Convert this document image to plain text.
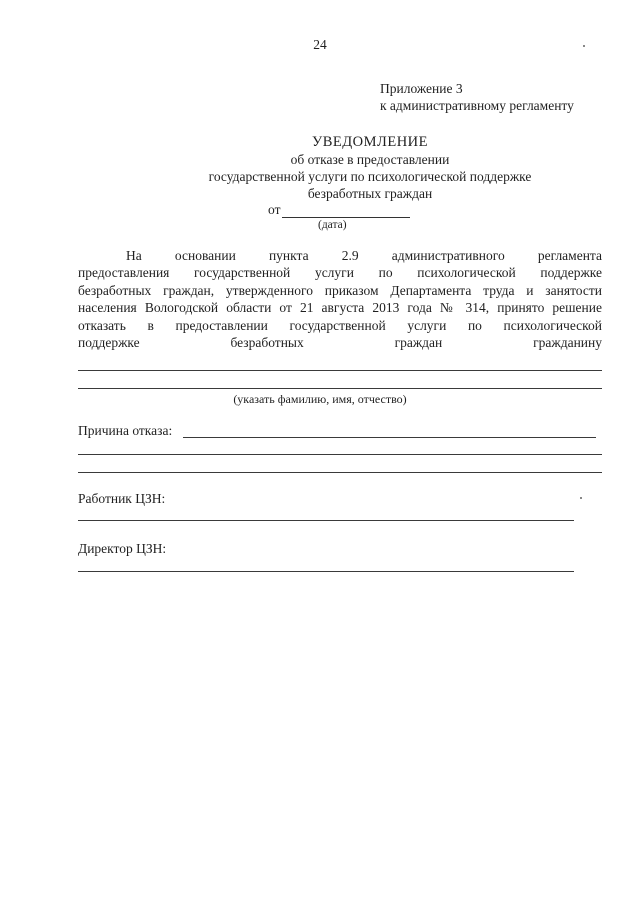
24
Приложение 3
к административному регламенту
УВЕДОМЛЕНИЕ
об отказе в предоставлении
государственной услуги по психологической поддержке
безработных граждан
от
(дата)
На основании пункта 2.9 административного регламента
предоставления государственной услуги по психологической поддержке
безработных граждан, утвержденного приказом Департамента труда и занятости
населения Вологодской области от 21 августа 2013 года № 314, принято решение
отказать в предоставлении государственной услуги по психологической
поддержке безработных граждан гражданину
(указать фамилию, имя, отчество)
Причина отказа:
Работник ЦЗН:
Директор ЦЗН:
